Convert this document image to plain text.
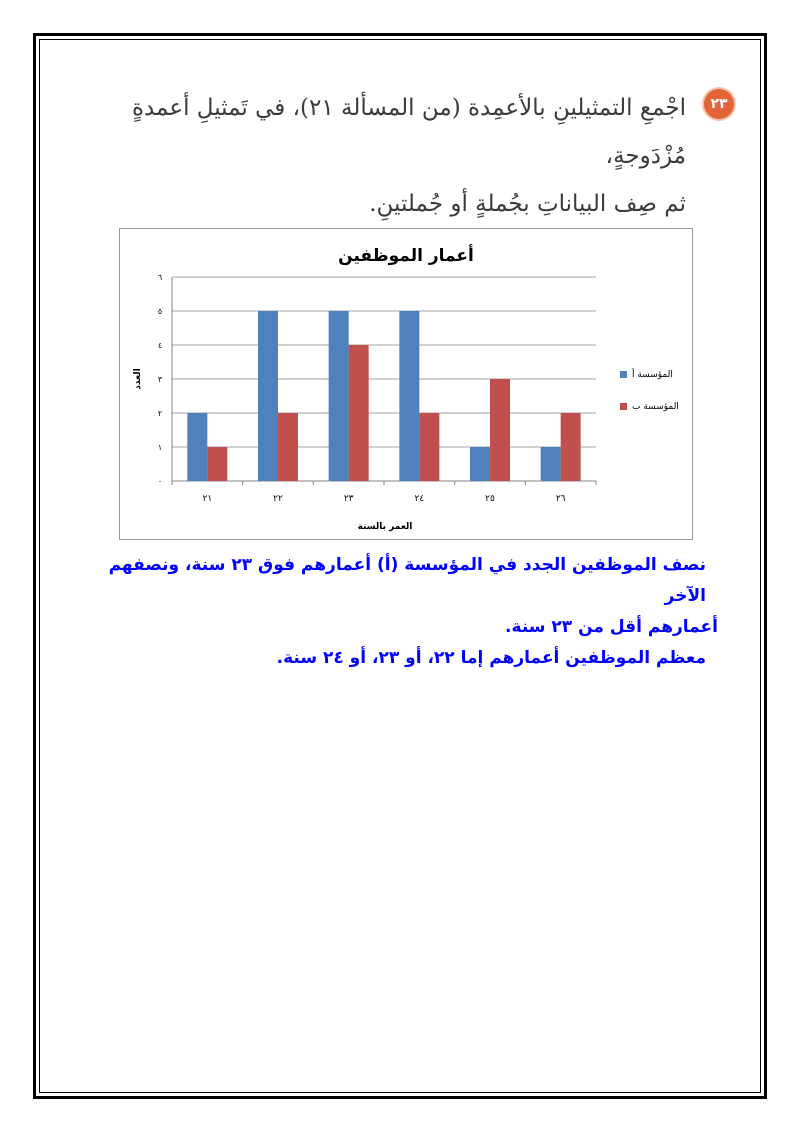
اجْمعِ التمثيلينِ بالأعمِدة (من المسألة ٢١)، في تَمثيلِ أعمدةٍ مُزْدَوجةٍ،
ثم صِف البياناتِ بجُملةٍ أو جُملتينِ.
٢٣
أعمار الموظفين
العمر بالسنة
العدد
٠
١
٢
٣
٤
٥
٦
٢١	٢٢	٢٣	٢٤	٢٥	٢٦
المؤسسة أ
المؤسسة ب
نصف الموظفين الجدد في المؤسسة (أ) أعمارهم فوق ٢٣ سنة، ونصفهم الآخر
أعمارهم أقل من ٢٣ سنة.
معظم الموظفين أعمارهم إما ٢٢، أو ٢٣، أو ٢٤ سنة.
